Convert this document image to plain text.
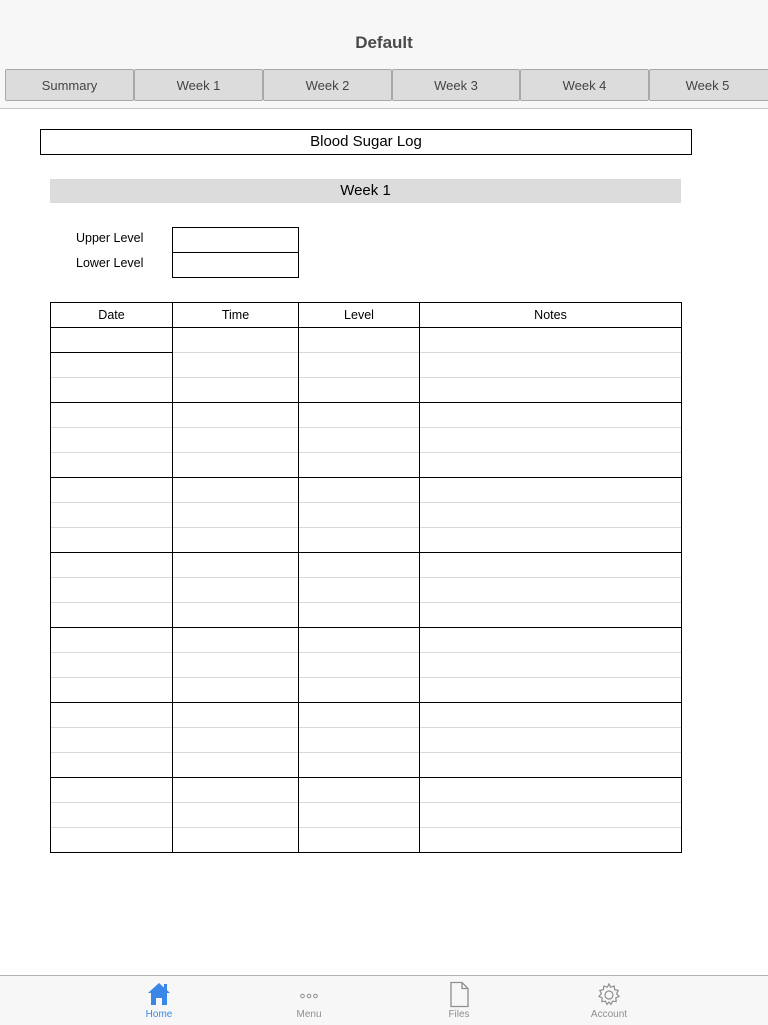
Default
Summary	Week 1	Week 2	Week 3	Week 4	Week 5
Blood Sugar Log
Week 1
Upper Level
Lower Level
Date	Time	Level	Notes

Home	Menu	Files	Account
